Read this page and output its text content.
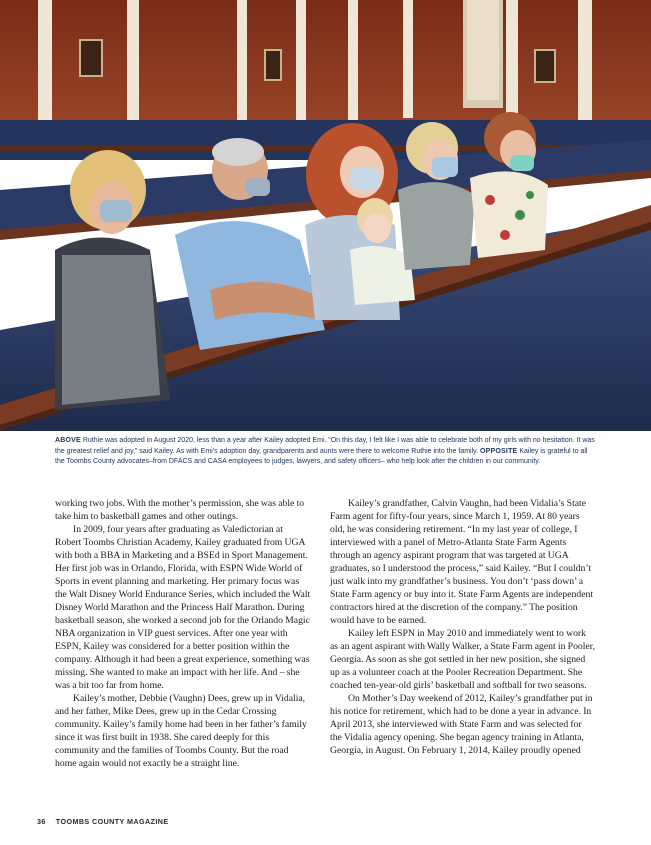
ABOVE Ruthie was adopted in August 2020, less than a year after Kailey adopted Emi. “On this day, I felt like I was able to celebrate both of my girls with no hesitation. It was the greatest relief and joy,” said Kailey. As with Emi’s adoption day, grandparents and aunts were there to welcome Ruthie into the family. OPPOSITE Kailey is grateful to all the Toombs County advocates–from DFACS and CASA employees to judges, lawyers, and safety officers– who help look after the children in our community.

working two jobs. With the mother’s permission, she was able to take him to basketball games and other outings.

In 2009, four years after graduating as Valedictorian at Robert Toombs Christian Academy, Kailey graduated from UGA with both a BBA in Marketing and a BSEd in Sport Management. Her first job was in Orlando, Florida, with ESPN Wide World of Sports in event planning and marketing. Her primary focus was the Walt Disney World Endurance Series, which included the Walt Disney World Marathon and the Princess Half Marathon. During basketball season, she worked a second job for the Orlando Magic NBA organization in VIP guest services. After one year with ESPN, Kailey was considered for a better position within the company. Although it had been a great experience, something was missing. She wanted to make an impact with her life. And – she was a bit too far from home.

Kailey’s mother, Debbie (Vaughn) Dees, grew up in Vidalia, and her father, Mike Dees, grew up in the Cedar Crossing community. Kailey’s family home had been in her father’s family since it was first built in 1938. She cared deeply for this community and the families of Toombs County. But the road home again would not exactly be a straight line.

Kailey’s grandfather, Calvin Vaughn, had been Vidalia’s State Farm agent for fifty-four years, since March 1, 1959. At 80 years old, he was considering retirement. “In my last year of college, I interviewed with a panel of Metro-Atlanta State Farm Agents through an agency aspirant program that was targeted at UGA graduates, so I understood the process,” said Kailey. “But I couldn’t just walk into my grandfather’s business. You don’t ‘pass down’ a State Farm agency or buy into it. State Farm Agents are independent contractors hired at the discretion of the company.” The position would have to be earned.

Kailey left ESPN in May 2010 and immediately went to work as an agent aspirant with Wally Walker, a State Farm agent in Pooler, Georgia. As soon as she got settled in her new position, she signed up as a volunteer coach at the Pooler Recreation Department. She coached ten-year-old girls’ basketball and softball for two seasons.

On Mother’s Day weekend of 2012, Kailey’s grandfather put in his notice for retirement, which had to be done a year in advance. In April 2013, she interviewed with State Farm and was selected for the Vidalia agency opening. She began agency training in Atlanta, Georgia, in August. On February 1, 2014, Kailey proudly opened

36 TOOMBS COUNTY MAGAZINE
